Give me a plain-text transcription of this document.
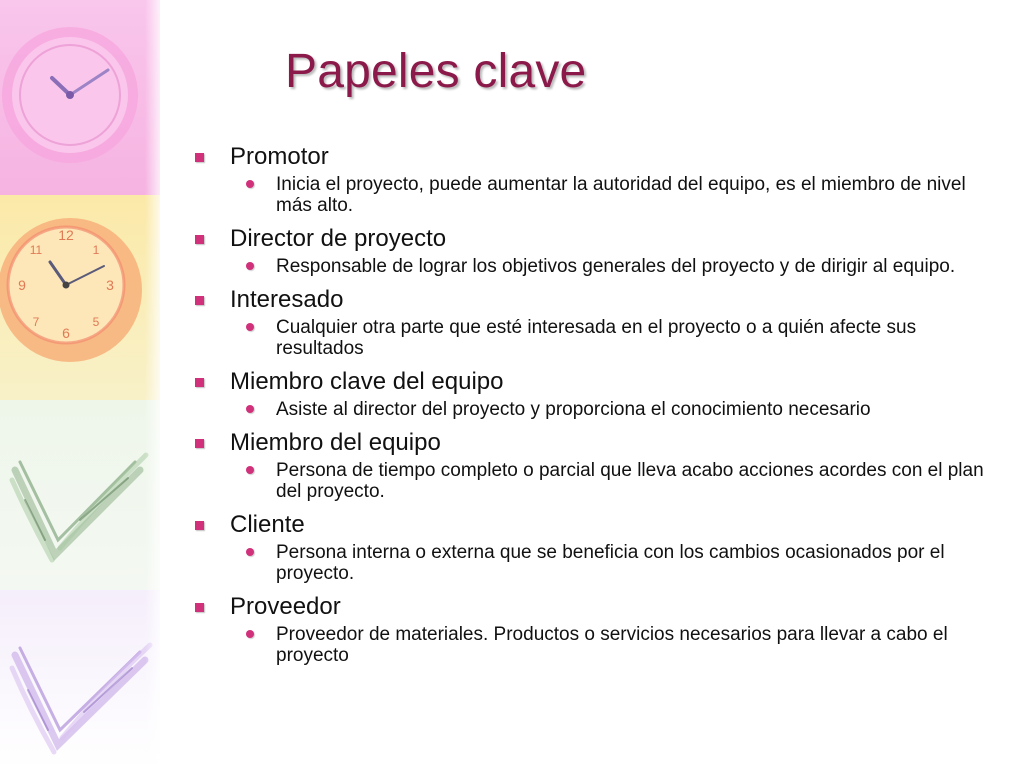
12
3
6
9
1
11
7	5
Papeles clave
Promotor
Inicia el proyecto, puede aumentar la autoridad del equipo, es el miembro de nivel más alto.
Director de proyecto
Responsable de lograr los objetivos generales del proyecto y de dirigir al equipo.
Interesado
Cualquier otra parte que esté interesada en el proyecto o a quién afecte sus resultados
Miembro clave del equipo
Asiste al director del proyecto y proporciona el conocimiento necesario
Miembro del equipo
Persona de tiempo completo o parcial que lleva acabo acciones acordes con el plan del proyecto.
Cliente
Persona interna o externa que se beneficia con los cambios ocasionados por el proyecto.
Proveedor
Proveedor de materiales. Productos o servicios necesarios para llevar a cabo el proyecto
